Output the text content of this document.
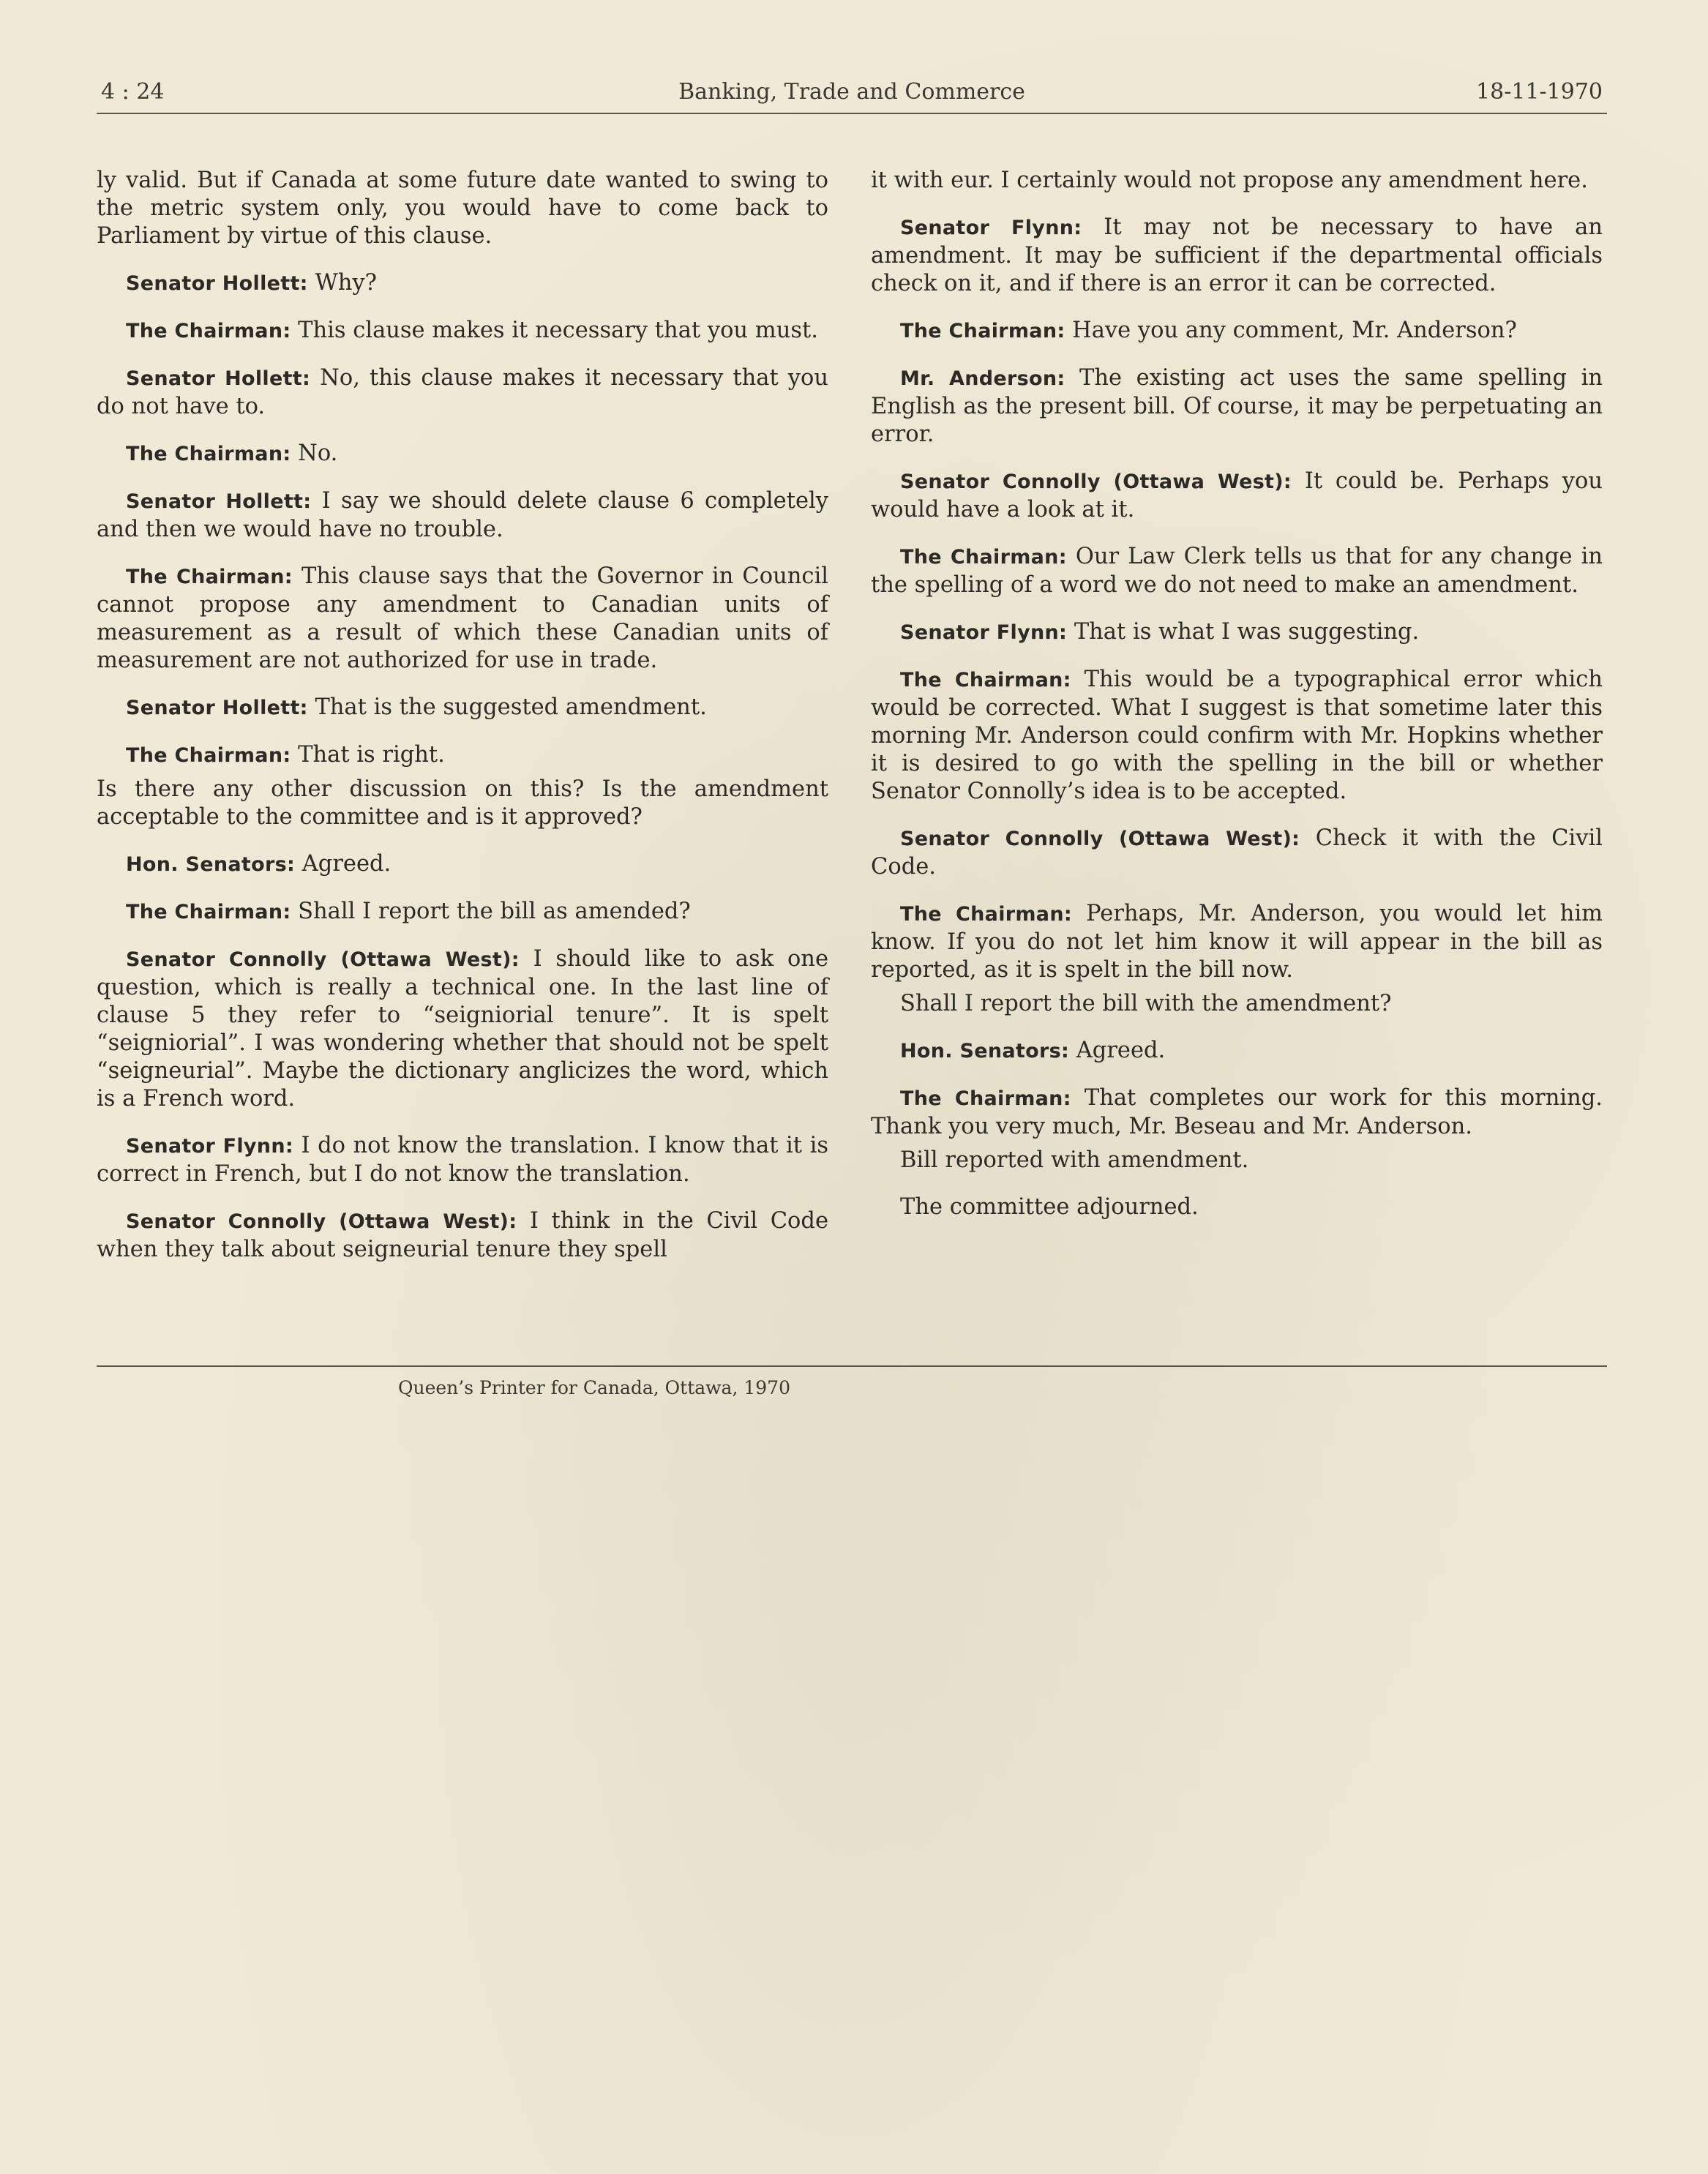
4 : 24	Banking, Trade and Commerce	18-11-1970

ly valid. But if Canada at some future date wanted to swing to the metric system only, you would have to come back to Parliament by virtue of this clause.

Senator Hollett: Why?

The Chairman: This clause makes it necessary that you must.

Senator Hollett: No, this clause makes it necessary that you do not have to.

The Chairman: No.

Senator Hollett: I say we should delete clause 6 completely and then we would have no trouble.

The Chairman: This clause says that the Governor in Council cannot propose any amendment to Canadian units of measurement as a result of which these Canadian units of measurement are not authorized for use in trade.

Senator Hollett: That is the suggested amendment.

The Chairman: That is right.

Is there any other discussion on this? Is the amendment acceptable to the committee and is it approved?

Hon. Senators: Agreed.

The Chairman: Shall I report the bill as amended?

Senator Connolly (Ottawa West): I should like to ask one question, which is really a technical one. In the last line of clause 5 they refer to “seigniorial tenure”. It is spelt “seigniorial”. I was wondering whether that should not be spelt “seigneurial”. Maybe the dictionary anglicizes the word, which is a French word.

Senator Flynn: I do not know the translation. I know that it is correct in French, but I do not know the translation.

Senator Connolly (Ottawa West): I think in the Civil Code when they talk about seigneurial tenure they spell

it with eur. I certainly would not propose any amendment here.

Senator Flynn: It may not be necessary to have an amendment. It may be sufficient if the departmental officials check on it, and if there is an error it can be corrected.

The Chairman: Have you any comment, Mr. Anderson?

Mr. Anderson: The existing act uses the same spelling in English as the present bill. Of course, it may be perpetuating an error.

Senator Connolly (Ottawa West): It could be. Perhaps you would have a look at it.

The Chairman: Our Law Clerk tells us that for any change in the spelling of a word we do not need to make an amendment.

Senator Flynn: That is what I was suggesting.

The Chairman: This would be a typographical error which would be corrected. What I suggest is that sometime later this morning Mr. Anderson could confirm with Mr. Hopkins whether it is desired to go with the spelling in the bill or whether Senator Connolly’s idea is to be accepted.

Senator Connolly (Ottawa West): Check it with the Civil Code.

The Chairman: Perhaps, Mr. Anderson, you would let him know. If you do not let him know it will appear in the bill as reported, as it is spelt in the bill now.

Shall I report the bill with the amendment?

Hon. Senators: Agreed.

The Chairman: That completes our work for this morning. Thank you very much, Mr. Beseau and Mr. Anderson.

Bill reported with amendment.

The committee adjourned.

Queen’s Printer for Canada, Ottawa, 1970
